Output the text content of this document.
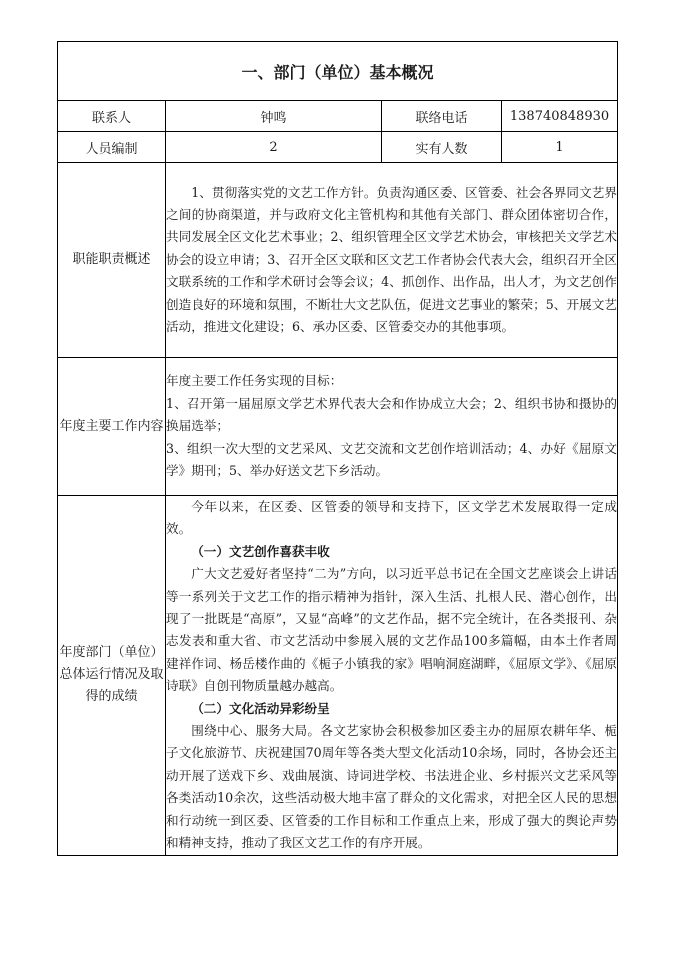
一、部门（单位）基本概况			
联系人	钟鸣	联络电话	138740848930
人员编制	2	实有人数	1
职能职责概述	1、贯彻落实党的文艺工作方针。负责沟通区委、区管委、社会各界同文艺界之间的协商渠道，并与政府文化主管机构和其他有关部门、群众团体密切合作，共同发展全区文化艺术事业；2、组织管理全区文学艺术协会，审核把关文学艺术协会的设立申请；3、召开全区文联和区文艺工作者协会代表大会，组织召开全区文联系统的工作和学术研讨会等会议；4、抓创作、出作品，出人才，为文艺创作创造良好的环境和氛围，不断壮大文艺队伍，促进文艺事业的繁荣；5、开展文艺活动，推进文化建设；6、承办区委、区管委交办的其他事项。		

年度主要工作内容	年度主要工作任务实现的目标：

1、召开第一届屈原文学艺术界代表大会和作协成立大会；2、组织书协和摄协的换届选举；

3、组织一次大型的文艺采风、文艺交流和文艺创作培训活动；4、办好《屈原文学》期刊；5、举办好送文艺下乡活动。		

年度部门（单位）总体运行情况及取得的成绩	今年以来，在区委、区管委的领导和支持下，区文学艺术发展取得一定成效。

（一）文艺创作喜获丰收

广大文艺爱好者坚持“二为”方向，以习近平总书记在全国文艺座谈会上讲话等一系列关于文艺工作的指示精神为指针，深入生活、扎根人民、潜心创作，出现了一批既是“高原”，又显“高峰”的文艺作品，据不完全统计，在各类报刊、杂志发表和重大省、市文艺活动中参展入展的文艺作品100多篇幅，由本土作者周建祥作词、杨岳楼作曲的《栀子小镇我的家》唱响洞庭湖畔，《屈原文学》、《屈原诗联》自创刊物质量越办越高。

（二）文化活动异彩纷呈

围绕中心、服务大局。各文艺家协会积极参加区委主办的屈原农耕年华、栀子文化旅游节、庆祝建国70周年等各类大型文化活动10余场，同时，各协会还主动开展了送戏下乡、戏曲展演、诗词进学校、书法进企业、乡村振兴文艺采风等各类活动10余次，这些活动极大地丰富了群众的文化需求，对把全区人民的思想和行动统一到区委、区管委的工作目标和工作重点上来，形成了强大的舆论声势和精神支持，推动了我区文艺工作的有序开展。		
